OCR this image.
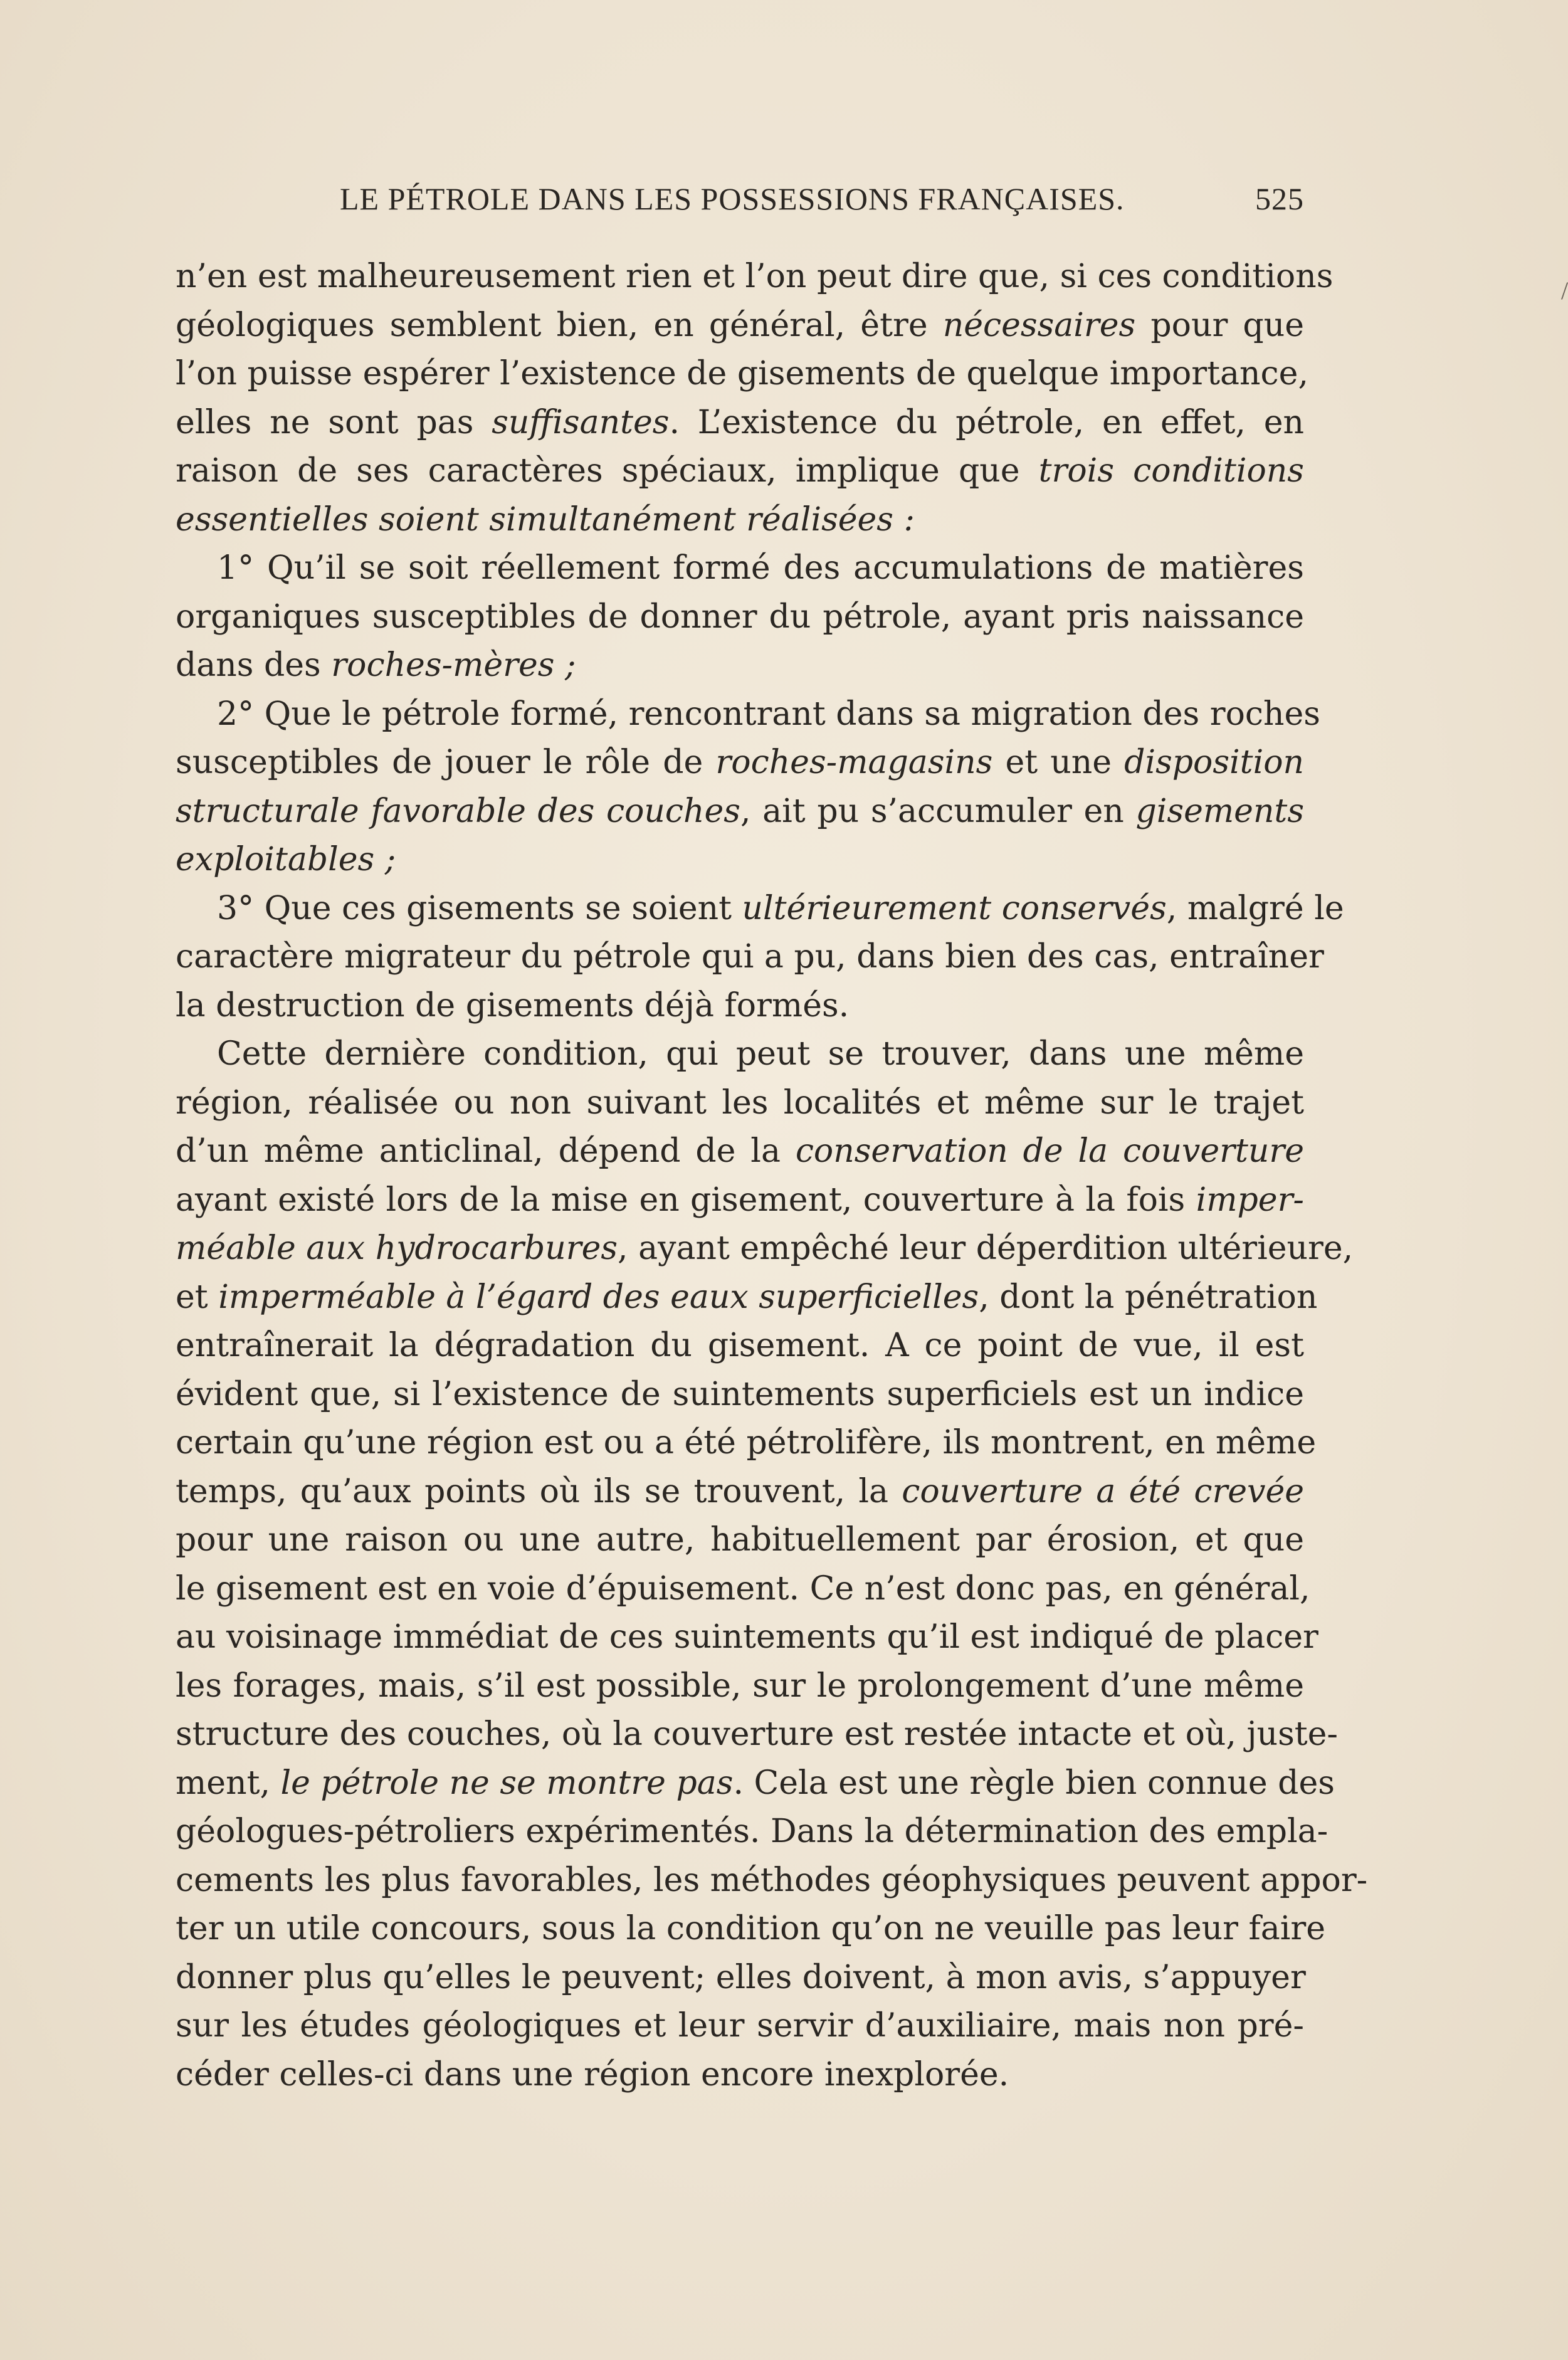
LE PÉTROLE DANS LES POSSESSIONS FRANÇAISES.	525
/
n’en est malheureusement rien et l’on peut dire que, si ces conditions
géologiques semblent bien, en général, être nécessaires pour que
l’on puisse espérer l’existence de gisements de quelque importance,
elles ne sont pas suffisantes. L’existence du pétrole, en effet, en
raison de ses caractères spéciaux, implique que trois conditions
essentielles soient simultanément réalisées :
1° Qu’il se soit réellement formé des accumulations de matières
organiques susceptibles de donner du pétrole, ayant pris naissance
dans des roches-mères ;
2° Que le pétrole formé, rencontrant dans sa migration des roches
susceptibles de jouer le rôle de roches-magasins et une disposition
structurale favorable des couches, ait pu s’accumuler en gisements
exploitables ;
3° Que ces gisements se soient ultérieurement conservés, malgré le
caractère migrateur du pétrole qui a pu, dans bien des cas, entraîner
la destruction de gisements déjà formés.
Cette dernière condition, qui peut se trouver, dans une même
région, réalisée ou non suivant les localités et même sur le trajet
d’un même anticlinal, dépend de la conservation de la couverture
ayant existé lors de la mise en gisement, couverture à la fois imper-
méable aux hydrocarbures, ayant empêché leur déperdition ultérieure,
et imperméable à l’égard des eaux superficielles, dont la pénétration
entraînerait la dégradation du gisement. A ce point de vue, il est
évident que, si l’existence de suintements superficiels est un indice
certain qu’une région est ou a été pétrolifère, ils montrent, en même
temps, qu’aux points où ils se trouvent, la couverture a été crevée
pour une raison ou une autre, habituellement par érosion, et que
le gisement est en voie d’épuisement. Ce n’est donc pas, en général,
au voisinage immédiat de ces suintements qu’il est indiqué de placer
les forages, mais, s’il est possible, sur le prolongement d’une même
structure des couches, où la couverture est restée intacte et où, juste-
ment, le pétrole ne se montre pas. Cela est une règle bien connue des
géologues-pétroliers expérimentés. Dans la détermination des empla-
cements les plus favorables, les méthodes géophysiques peuvent appor-
ter un utile concours, sous la condition qu’on ne veuille pas leur faire
donner plus qu’elles le peuvent; elles doivent, à mon avis, s’appuyer
sur les études géologiques et leur servir d’auxiliaire, mais non pré-
céder celles-ci dans une région encore inexplorée.
